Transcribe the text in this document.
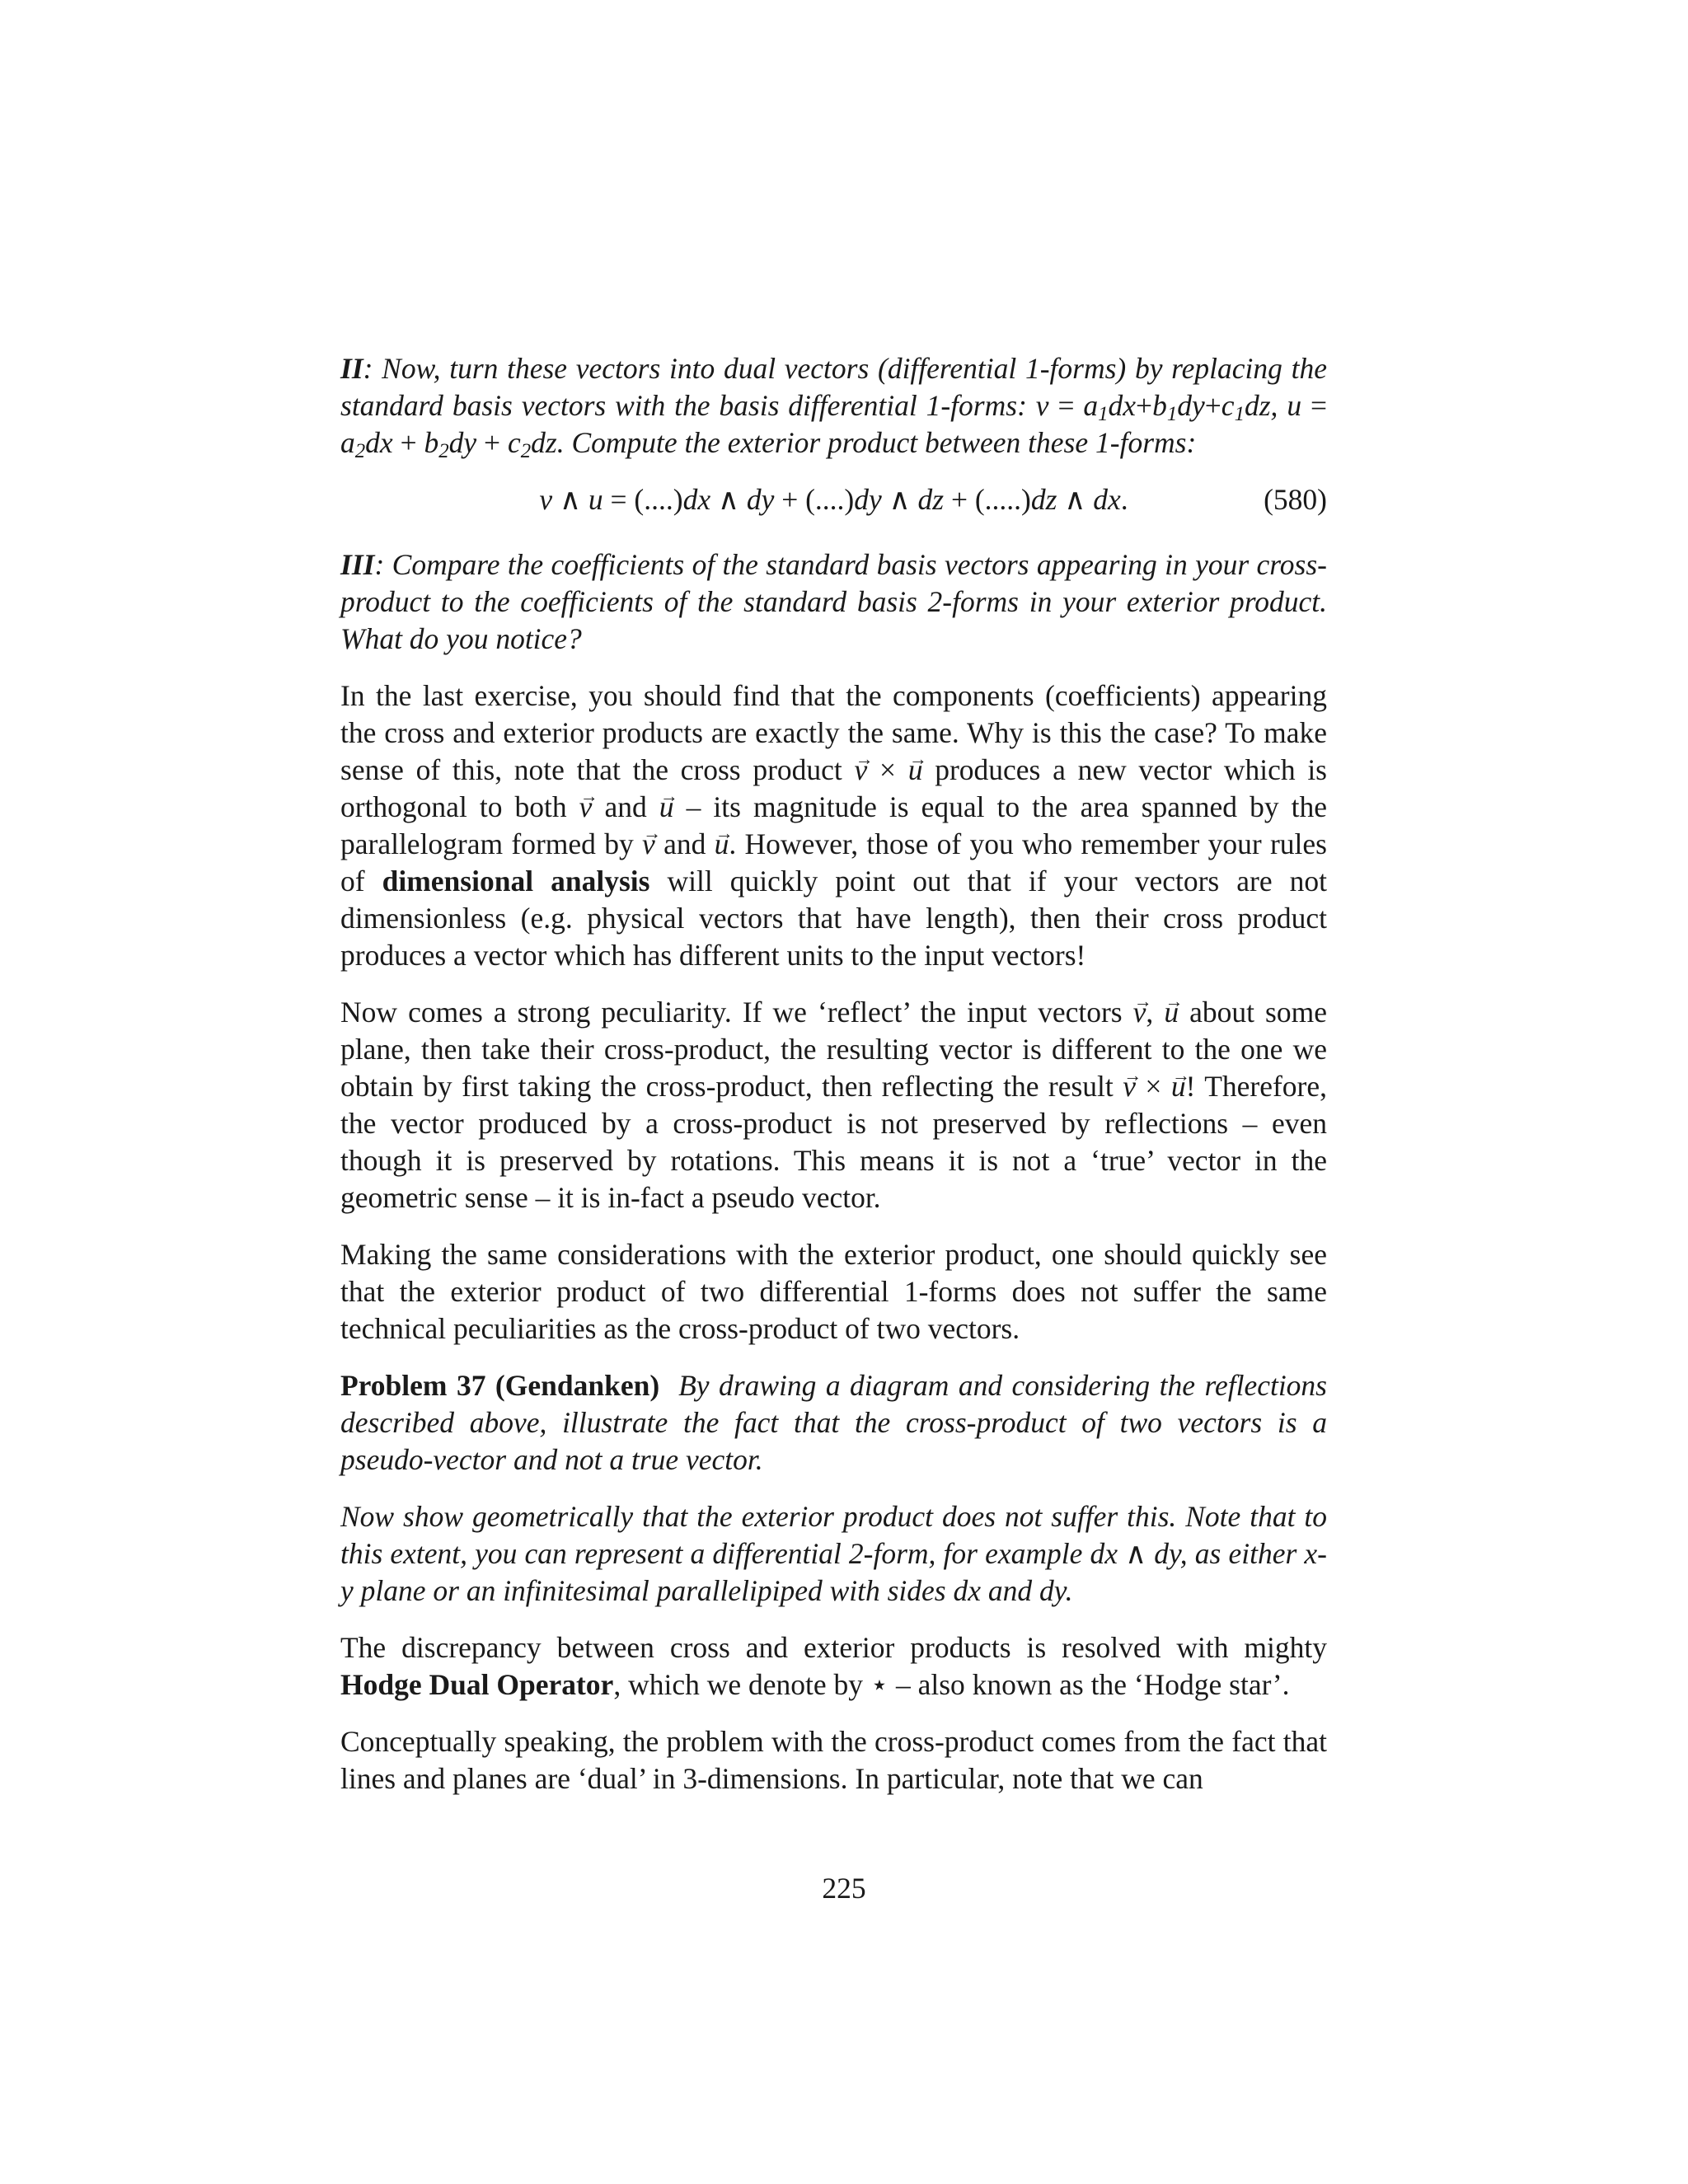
II: Now, turn these vectors into dual vectors (differential 1-forms) by replacing the standard basis vectors with the basis differential 1-forms: $v = a_1dx+b_1dy+c_1dz$, $u = a_2dx + b_2dy + c_2dz$. Compute the exterior product between these 1-forms:

v ∧ u = (....)dx ∧ dy + (....)dy ∧ dz + (.....)dz ∧ dx.	(580)

III: Compare the coefficients of the standard basis vectors appearing in your cross-product to the coefficients of the standard basis 2-forms in your exterior product. What do you notice?

In the last exercise, you should find that the components (coefficients) appearing the cross and exterior products are exactly the same. Why is this the case? To make sense of this, note that the cross product → v × → u produces a new vector which is orthogonal to both → v and → u – its magnitude is equal to the area spanned by the parallelogram formed by → v and → u. However, those of you who remember your rules of dimensional analysis will quickly point out that if your vectors are not dimensionless (e.g. physical vectors that have length), then their cross product produces a vector which has different units to the input vectors!

Now comes a strong peculiarity. If we ‘reflect’ the input vectors → v, → u about some plane, then take their cross-product, the resulting vector is different to the one we obtain by first taking the cross-product, then reflecting the result → v × → u! Therefore, the vector produced by a cross-product is not preserved by reflections – even though it is preserved by rotations. This means it is not a ‘true’ vector in the geometric sense – it is in-fact a pseudo vector.

Making the same considerations with the exterior product, one should quickly see that the exterior product of two differential 1-forms does not suffer the same technical peculiarities as the cross-product of two vectors.

Problem 37 (Gendanken) By drawing a diagram and considering the reflections described above, illustrate the fact that the cross-product of two vectors is a pseudo-vector and not a true vector.

Now show geometrically that the exterior product does not suffer this. Note that to this extent, you can represent a differential 2-form, for example dx ∧ dy, as either x-y plane or an infinitesimal parallelipiped with sides dx and dy.

The discrepancy between cross and exterior products is resolved with mighty Hodge Dual Operator, which we denote by ⋆ – also known as the ‘Hodge star’.

Conceptually speaking, the problem with the cross-product comes from the fact that lines and planes are ‘dual’ in 3-dimensions. In particular, note that we can

225
